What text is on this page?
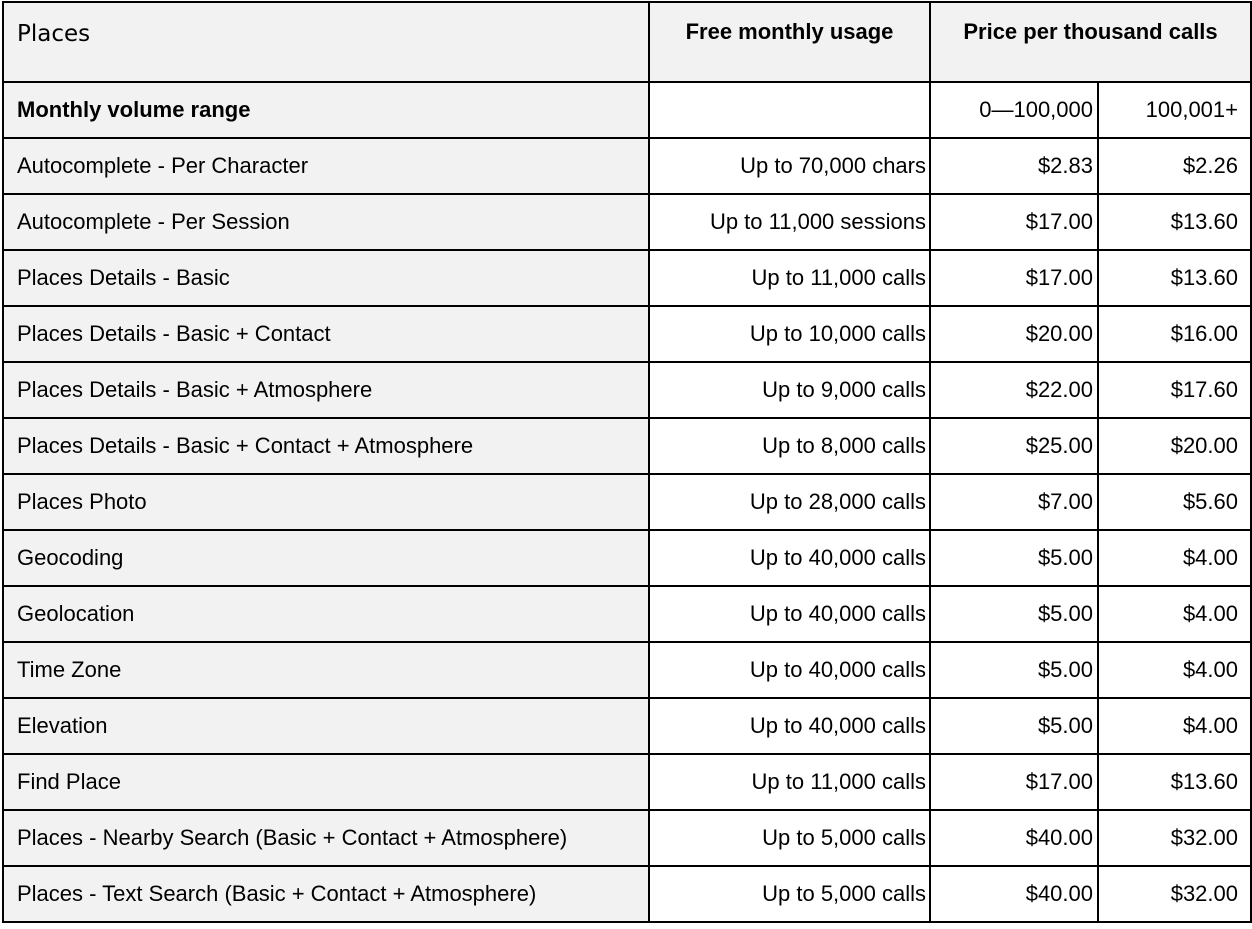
Places	Free monthly usage	Price per thousand calls	
Monthly volume range		0—100,000	100,001+
Autocomplete - Per Character	Up to 70,000 chars	$2.83	$2.26
Autocomplete - Per Session	Up to 11,000 sessions	$17.00	$13.60
Places Details - Basic	Up to 11,000 calls	$17.00	$13.60
Places Details - Basic + Contact	Up to 10,000 calls	$20.00	$16.00
Places Details - Basic + Atmosphere	Up to 9,000 calls	$22.00	$17.60
Places Details - Basic + Contact + Atmosphere	Up to 8,000 calls	$25.00	$20.00
Places Photo	Up to 28,000 calls	$7.00	$5.60
Geocoding	Up to 40,000 calls	$5.00	$4.00
Geolocation	Up to 40,000 calls	$5.00	$4.00
Time Zone	Up to 40,000 calls	$5.00	$4.00
Elevation	Up to 40,000 calls	$5.00	$4.00
Find Place	Up to 11,000 calls	$17.00	$13.60
Places - Nearby Search (Basic + Contact + Atmosphere)	Up to 5,000 calls	$40.00	$32.00
Places - Text Search (Basic + Contact + Atmosphere)	Up to 5,000 calls	$40.00	$32.00
